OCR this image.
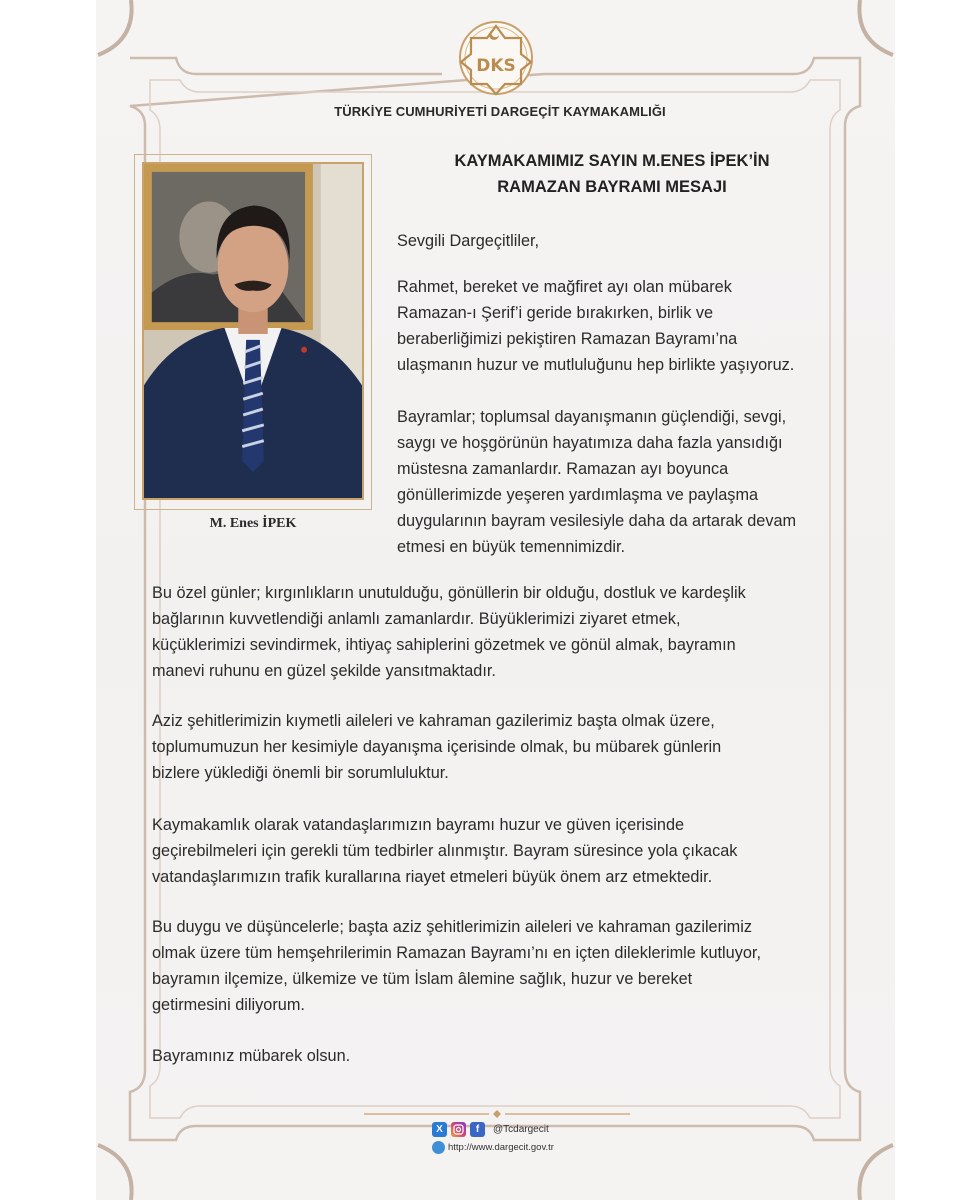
DKS
TÜRKİYE CUMHURİYETİ DARGEÇİT KAYMAKAMLIĞI
KAYMAKAMIMIZ SAYIN M.ENES İPEK’İN
RAMAZAN BAYRAMI MESAJI
M. Enes İPEK

Sevgili Dargeçitliler,

Rahmet, bereket ve mağfiret ayı olan mübarek
Ramazan-ı Şerif’i geride bırakırken, birlik ve
beraberliğimizi pekiştiren Ramazan Bayramı’na
ulaşmanın huzur ve mutluluğunu hep birlikte yaşıyoruz.

Bayramlar; toplumsal dayanışmanın güçlendiği, sevgi,
saygı ve hoşgörünün hayatımıza daha fazla yansıdığı
müstesna zamanlardır. Ramazan ayı boyunca
gönüllerimizde yeşeren yardımlaşma ve paylaşma
duygularının bayram vesilesiyle daha da artarak devam
etmesi en büyük temennimizdir.

Bu özel günler; kırgınlıkların unutulduğu, gönüllerin bir olduğu, dostluk ve kardeşlik
bağlarının kuvvetlendiği anlamlı zamanlardır. Büyüklerimizi ziyaret etmek,
küçüklerimizi sevindirmek, ihtiyaç sahiplerini gözetmek ve gönül almak, bayramın
manevi ruhunu en güzel şekilde yansıtmaktadır.

Aziz şehitlerimizin kıymetli aileleri ve kahraman gazilerimiz başta olmak üzere,
toplumumuzun her kesimiyle dayanışma içerisinde olmak, bu mübarek günlerin
bizlere yüklediği önemli bir sorumluluktur.

Kaymakamlık olarak vatandaşlarımızın bayramı huzur ve güven içerisinde
geçirebilmeleri için gerekli tüm tedbirler alınmıştır. Bayram süresince yola çıkacak
vatandaşlarımızın trafik kurallarına riayet etmeleri büyük önem arz etmektedir.

Bu duygu ve düşüncelerle; başta aziz şehitlerimizin aileleri ve kahraman gazilerimiz
olmak üzere tüm hemşehrilerimin Ramazan Bayramı’nı en içten dileklerimle kutluyor,
bayramın ilçemize, ülkemize ve tüm İslam âlemine sağlık, huzur ve bereket
getirmesini diliyorum.

Bayramınız mübarek olsun.

X	f	@Tcdargecit
http://www.dargecit.gov.tr
